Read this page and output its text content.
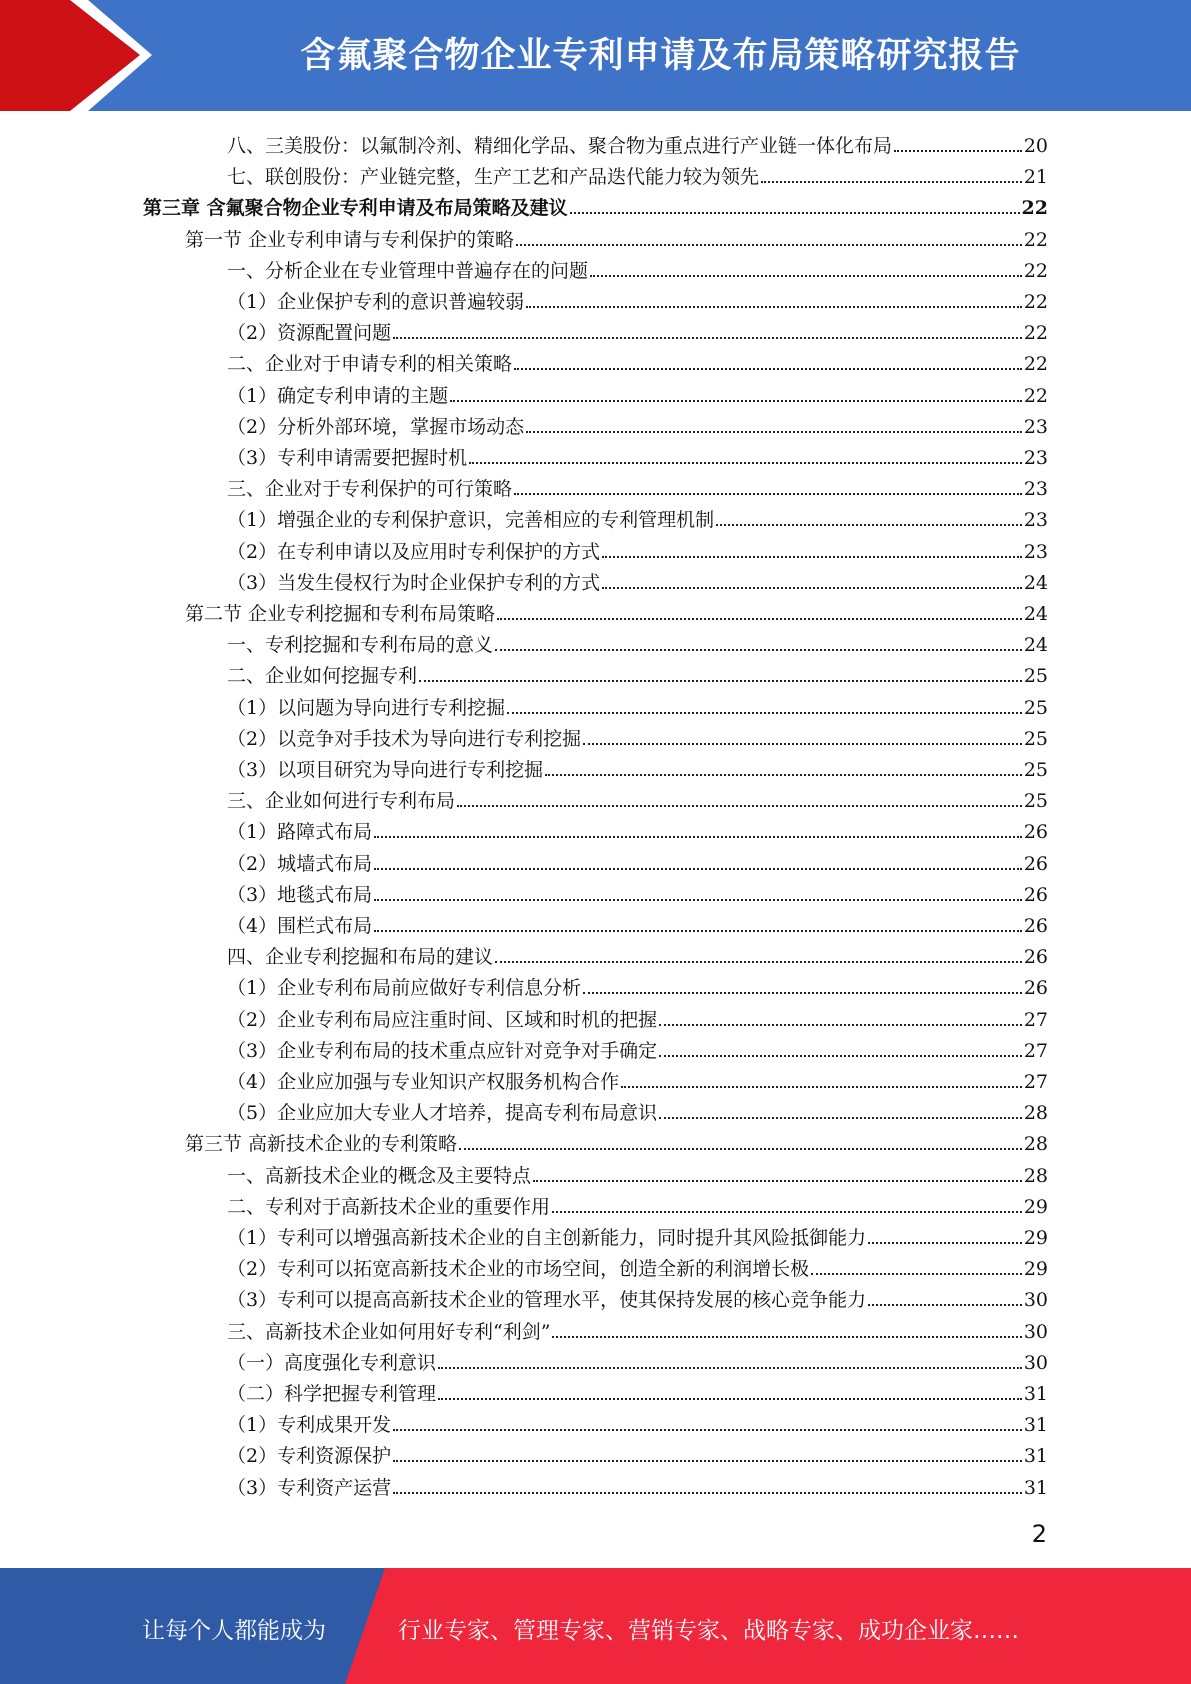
含氟聚合物企业专利申请及布局策略研究报告
八、三美股份：以氟制冷剂、精细化学品、聚合物为重点进行产业链一体化布局	20
七、联创股份：产业链完整，生产工艺和产品迭代能力较为领先	21
第三章 含氟聚合物企业专利申请及布局策略及建议	22
第一节 企业专利申请与专利保护的策略	22
一、分析企业在专业管理中普遍存在的问题	22
（1）企业保护专利的意识普遍较弱	22
（2）资源配置问题	22
二、企业对于申请专利的相关策略	22
（1）确定专利申请的主题	22
（2）分析外部环境，掌握市场动态	23
（3）专利申请需要把握时机	23
三、企业对于专利保护的可行策略	23
（1）增强企业的专利保护意识，完善相应的专利管理机制	23
（2）在专利申请以及应用时专利保护的方式	23
（3）当发生侵权行为时企业保护专利的方式	24
第二节 企业专利挖掘和专利布局策略	24
一、专利挖掘和专利布局的意义	24
二、企业如何挖掘专利	25
（1）以问题为导向进行专利挖掘	25
（2）以竞争对手技术为导向进行专利挖掘	25
（3）以项目研究为导向进行专利挖掘	25
三、企业如何进行专利布局	25
（1）路障式布局	26
（2）城墙式布局	26
（3）地毯式布局	26
（4）围栏式布局	26
四、企业专利挖掘和布局的建议	26
（1）企业专利布局前应做好专利信息分析	26
（2）企业专利布局应注重时间、区域和时机的把握	27
（3）企业专利布局的技术重点应针对竞争对手确定	27
（4）企业应加强与专业知识产权服务机构合作	27
（5）企业应加大专业人才培养，提高专利布局意识	28
第三节 高新技术企业的专利策略	28
一、高新技术企业的概念及主要特点	28
二、专利对于高新技术企业的重要作用	29
（1）专利可以增强高新技术企业的自主创新能力，同时提升其风险抵御能力	29
（2）专利可以拓宽高新技术企业的市场空间，创造全新的利润增长极	29
（3）专利可以提高高新技术企业的管理水平，使其保持发展的核心竞争能力	30
三、高新技术企业如何用好专利“利剑”	30
（一）高度强化专利意识	30
（二）科学把握专利管理	31
（1）专利成果开发	31
（2）专利资源保护	31
（3）专利资产运营	31
2
让每个人都能成为	行业专家、管理专家、营销专家、战略专家、成功企业家……
